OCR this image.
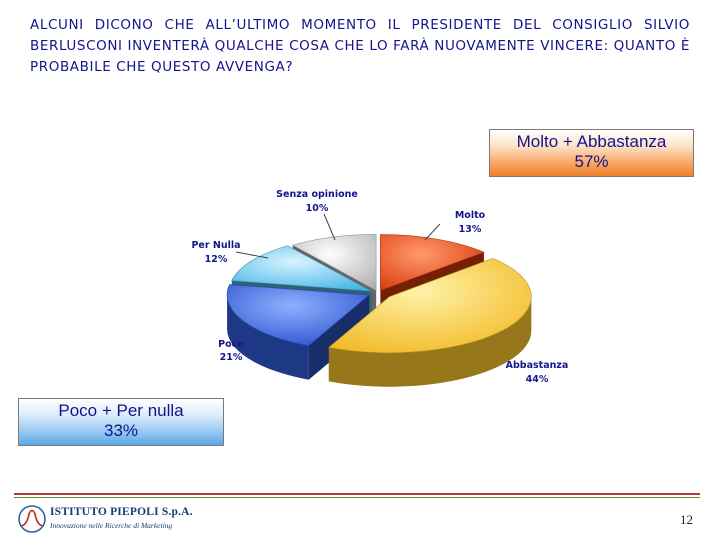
ALCUNI DICONO CHE ALL’ULTIMO MOMENTO IL PRESIDENTE DEL CONSIGLIO SILVIO BERLUSCONI INVENTERÀ QUALCHE COSA CHE LO FARÀ NUOVAMENTE VINCERE: QUANTO È PROBABILE CHE QUESTO AVVENGA?
Molto + Abbastanza
57%
Senza opinione
10%
Molto
13%
Per Nulla
12%
Poco
21%
Abbastanza
44%
Poco + Per nulla
33%
ISTITUTO PIEPOLI S.p.A.
Innovazione nelle Ricerche di Marketing	12
